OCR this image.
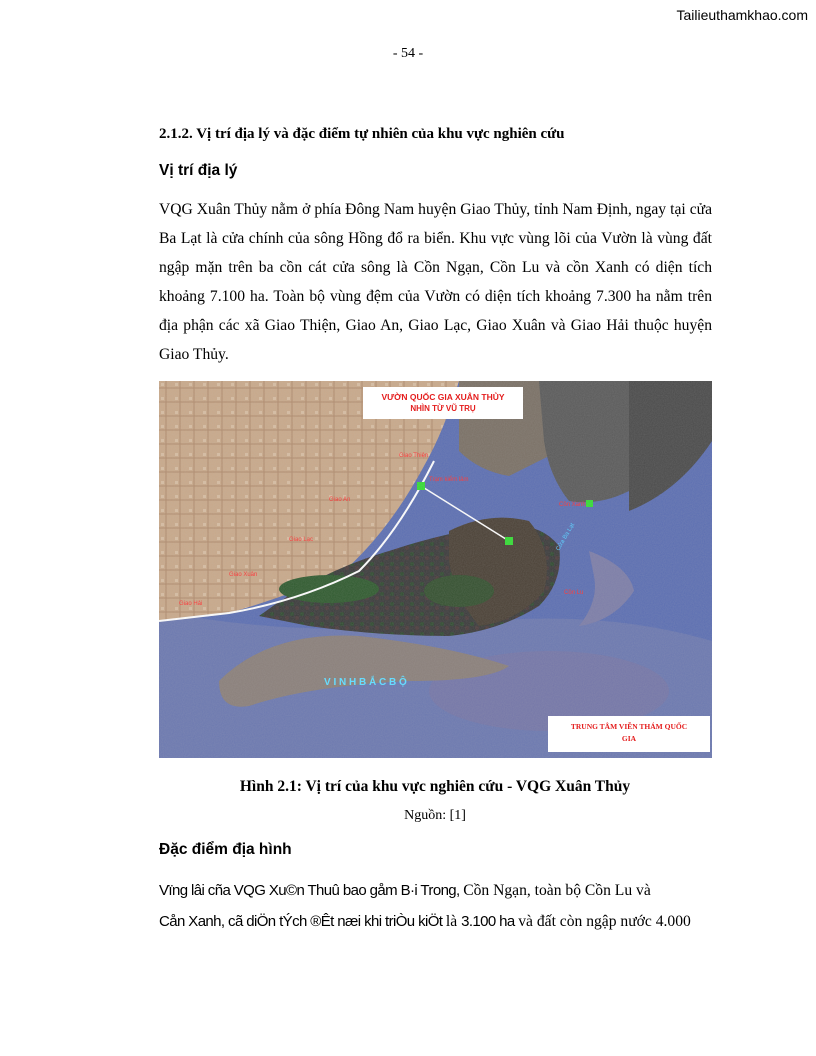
Tailieuthamkhao.com
- 54 -
2.1.2. Vị trí địa lý và đặc điểm tự nhiên của khu vực nghiên cứu
Vị trí địa lý

VQG Xuân Thủy nằm ở phía Đông Nam huyện Giao Thủy, tỉnh Nam Định, ngay tại cửa Ba Lạt là cửa chính của sông Hồng đổ ra biển. Khu vực vùng lõi của Vườn là vùng đất ngập mặn trên ba cồn cát cửa sông là Cồn Ngạn, Cồn Lu và cồn Xanh có diện tích khoảng 7.100 ha. Toàn bộ vùng đệm của Vườn có diện tích khoảng 7.300 ha nằm trên địa phận các xã Giao Thiện, Giao An, Giao Lạc, Giao Xuân và Giao Hải thuộc huyện Giao Thủy.

V I N H B Ắ C B Ộ
VƯỜN QUỐC GIA XUÂN THỦY
NHÌN TỪ VŨ TRỤ
TRUNG TÂM VIỄN THÁM QUỐC
GIA
Hình 2.1: Vị trí của khu vực nghiên cứu - VQG Xuân Thủy
Nguồn: [1]
Đặc điểm địa hình

Vïng lâi cña VQG Xu©n Thuû bao gåm B·i Trong, Cồn Ngạn, toàn bộ Cồn Lu và

Cån Xanh, cã diÖn tÝch ®Êt næi khi triÒu kiÖt là 3.100 ha và đất còn ngập nước 4.000
